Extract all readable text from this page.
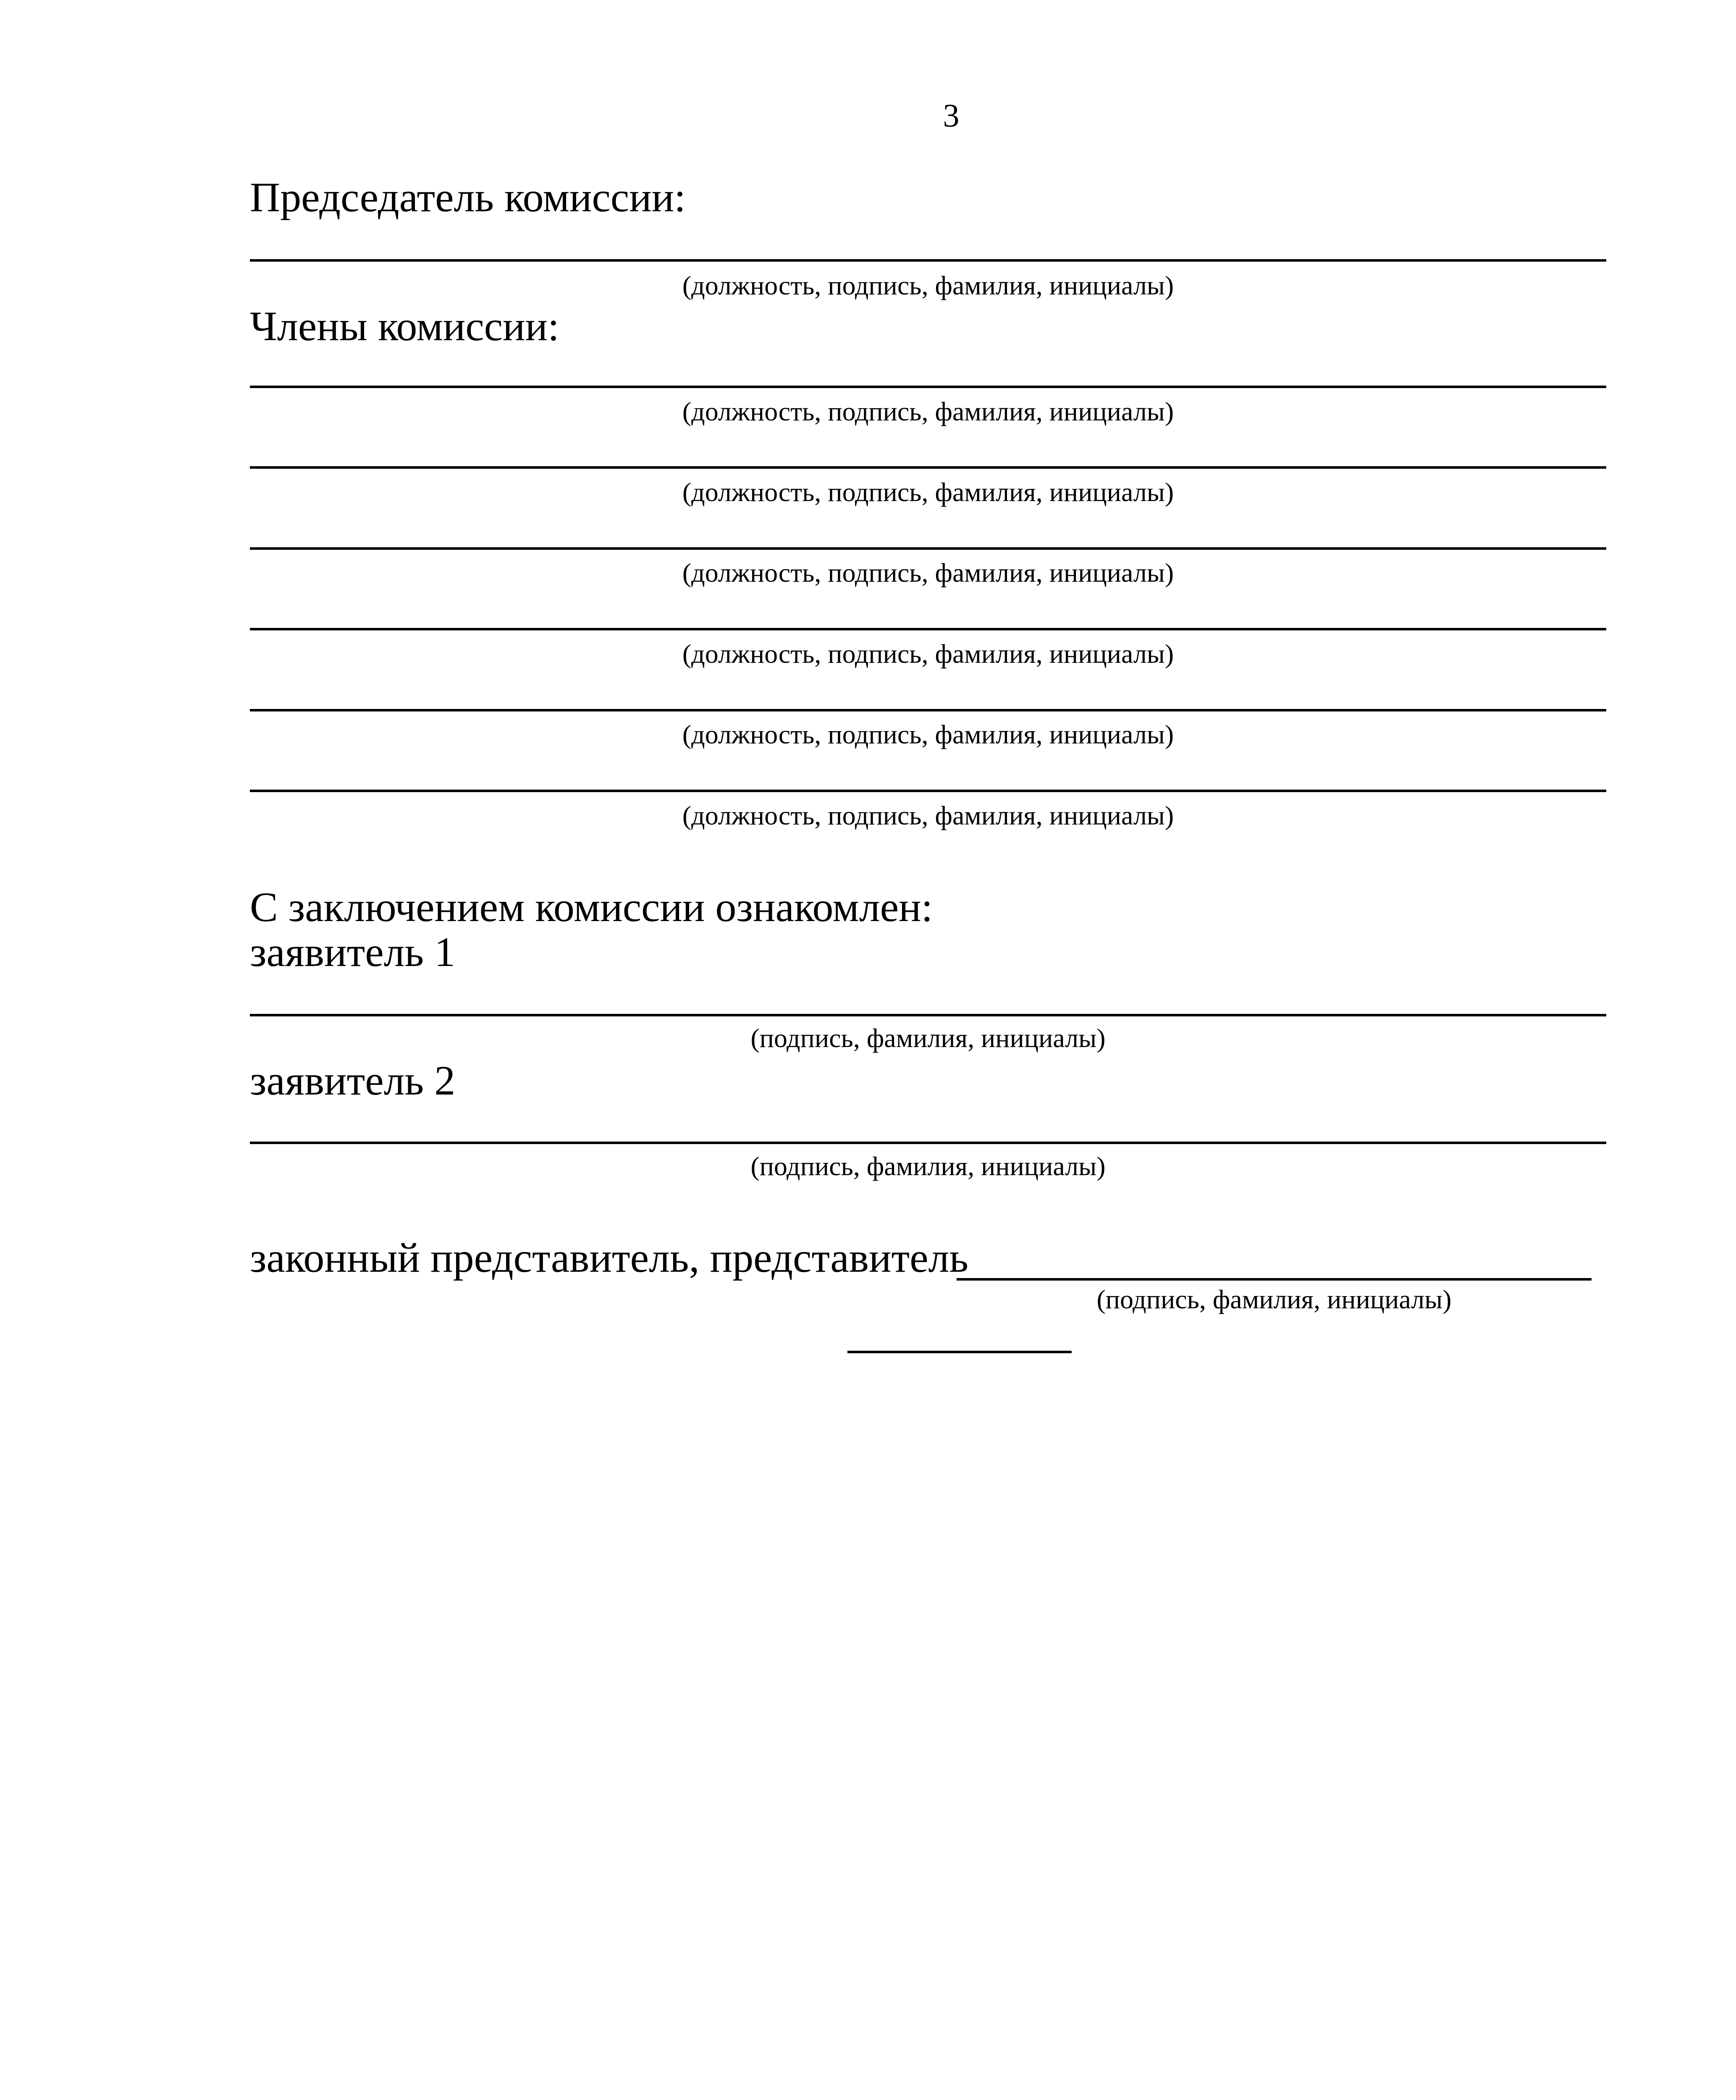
3
Председатель комиссии:
(должность, подпись, фамилия, инициалы)
Члены комиссии:
(должность, подпись, фамилия, инициалы)
(должность, подпись, фамилия, инициалы)
(должность, подпись, фамилия, инициалы)
(должность, подпись, фамилия, инициалы)
(должность, подпись, фамилия, инициалы)
(должность, подпись, фамилия, инициалы)
С заключением комиссии ознакомлен:
заявитель 1
(подпись, фамилия, инициалы)
заявитель 2
(подпись, фамилия, инициалы)
законный представитель, представитель
(подпись, фамилия, инициалы)
